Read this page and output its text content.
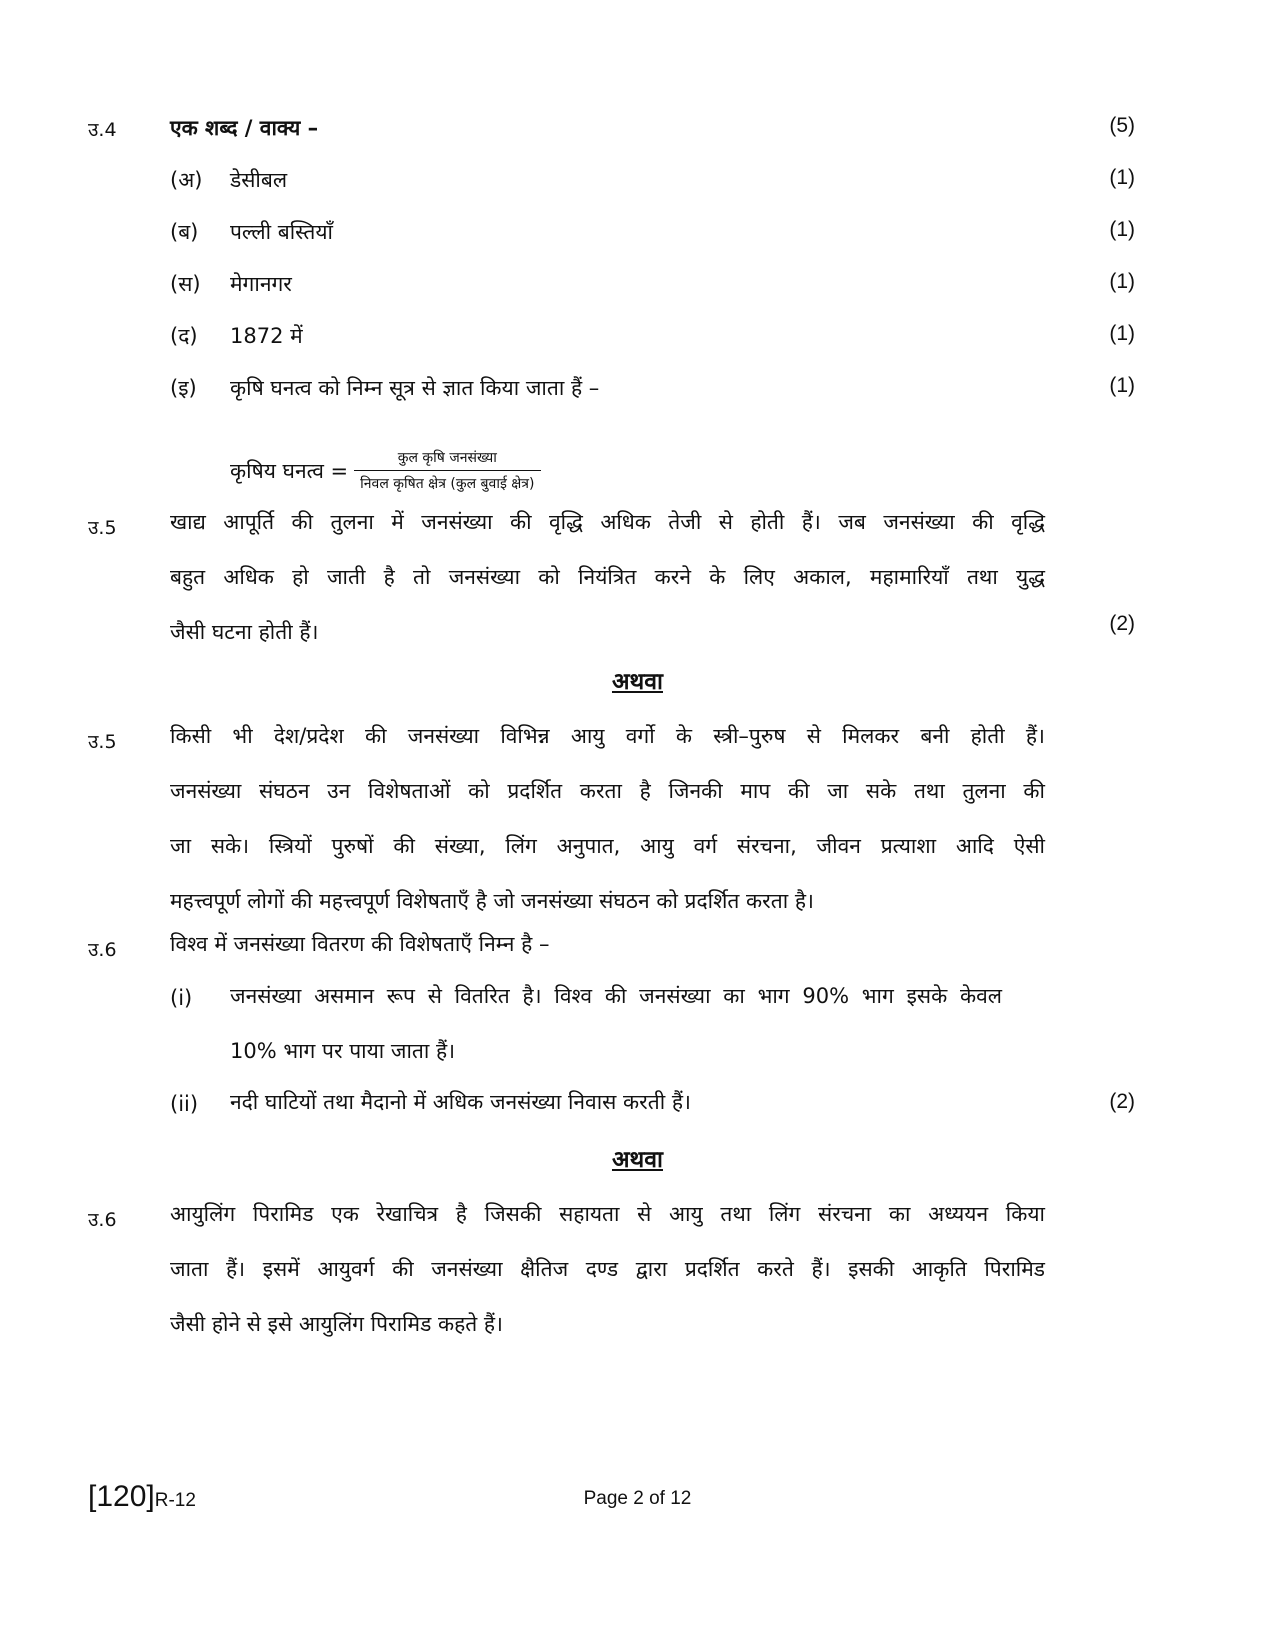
उ.4	एक शब्द / वाक्य –	(5)
(अ) डेसीबल	(1)
(ब) पल्ली बस्तियाँ	(1)
(स) मेगानगर	(1)
(द) 1872 में	(1)
(इ) कृषि घनत्व को निम्न सूत्र से ज्ञात किया जाता हैं –	(1)
कृषिय घनत्व = $\frac{\text{कुल कृषि जनसंख्या}}{\text{निवल कृषित क्षेत्र (कुल बुवाई क्षेत्र)}}$
उ.5	खाद्य आपूर्ति की तुलना में जनसंख्या की वृद्धि अधिक तेजी से होती हैं। जब जनसंख्या की वृद्धि
बहुत अधिक हो जाती है तो जनसंख्या को नियंत्रित करने के लिए अकाल, महामारियाँ तथा युद्ध
जैसी घटना होती हैं।	(2)
अथवा
उ.5	किसी भी देश/प्रदेश की जनसंख्या विभिन्न आयु वर्गो के स्त्री–पुरुष से मिलकर बनी होती हैं।
जनसंख्या संघठन उन विशेषताओं को प्रदर्शित करता है जिनकी माप की जा सके तथा तुलना की
जा सके। स्त्रियों पुरुषों की संख्या, लिंग अनुपात, आयु वर्ग संरचना, जीवन प्रत्याशा आदि ऐसी
महत्त्वपूर्ण लोगों की महत्त्वपूर्ण विशेषताएँ है जो जनसंख्या संघठन को प्रदर्शित करता है।
उ.6	विश्व में जनसंख्या वितरण की विशेषताएँ निम्न है –
(i) जनसंख्या असमान रूप से वितरित है। विश्व की जनसंख्या का भाग 90% भाग इसके केवल
10% भाग पर पाया जाता हैं।
(ii) नदी घाटियों तथा मैदानो में अधिक जनसंख्या निवास करती हैं।	(2)
अथवा
उ.6	आयुलिंग पिरामिड एक रेखाचित्र है जिसकी सहायता से आयु तथा लिंग संरचना का अध्ययन किया
जाता हैं। इसमें आयुवर्ग की जनसंख्या क्षैतिज दण्ड द्वारा प्रदर्शित करते हैं। इसकी आकृति पिरामिड
जैसी होने से इसे आयुलिंग पिरामिड कहते हैं।
[120]R-12	Page 2 of 12
